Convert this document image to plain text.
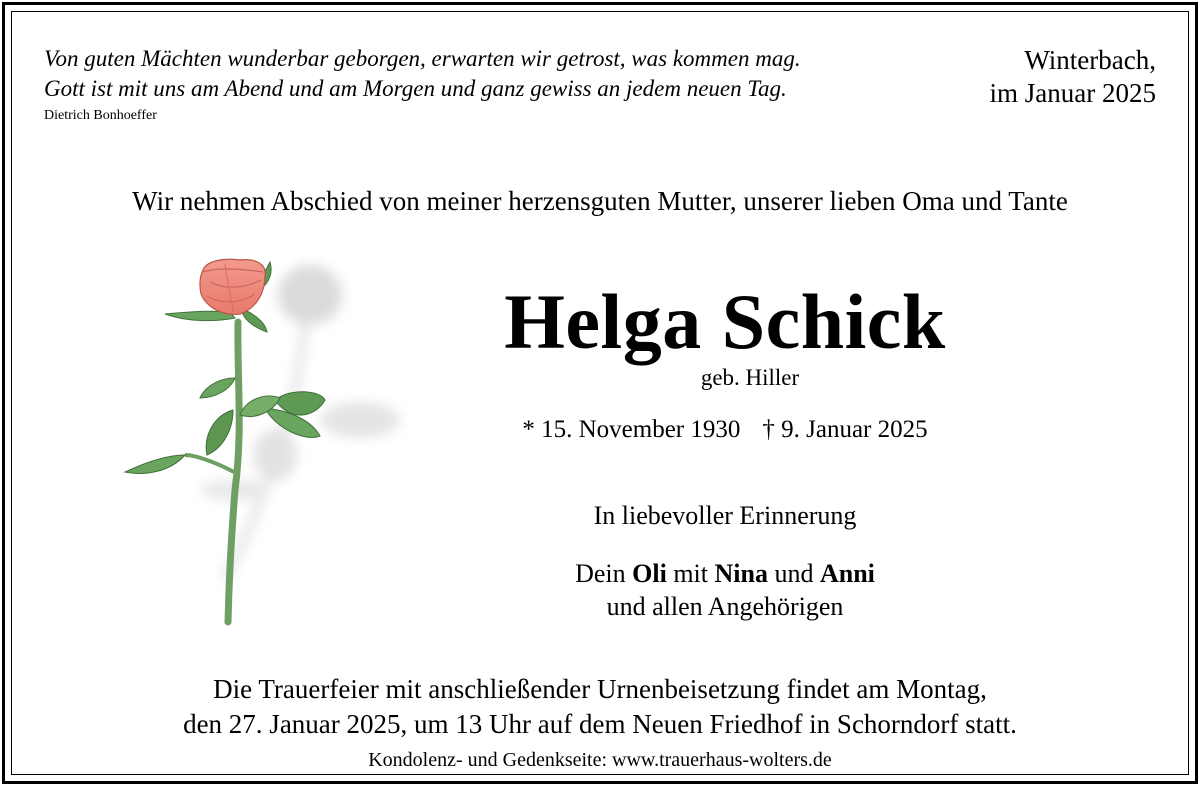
Von guten Mächten wunderbar geborgen, erwarten wir getrost, was kommen mag.
Gott ist mit uns am Abend und am Morgen und ganz gewiss an jedem neuen Tag.
Dietrich Bonhoeffer
Winterbach,
im Januar 2025
Wir nehmen Abschied von meiner herzensguten Mutter, unserer lieben Oma und Tante
Helga Schick
geb. Hiller
* 15. November 1930 † 9. Januar 2025
In liebevoller Erinnerung
Dein Oli mit Nina und Anni
und allen Angehörigen
Die Trauerfeier mit anschließender Urnenbeisetzung findet am Montag,
den 27. Januar 2025, um 13 Uhr auf dem Neuen Friedhof in Schorndorf statt.
Kondolenz- und Gedenkseite: www.trauerhaus-wolters.de
